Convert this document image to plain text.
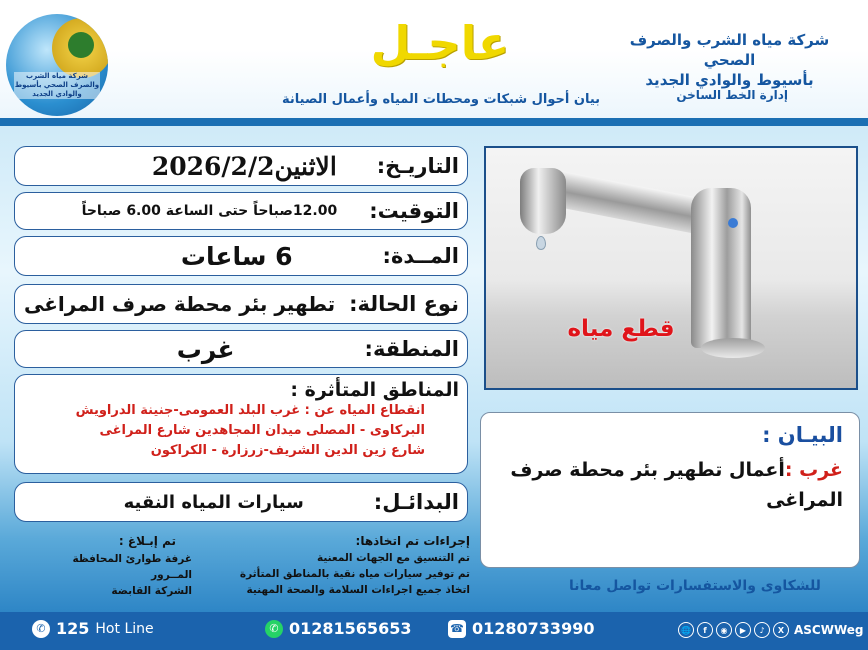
شركة مياه الشرب والصرف الصحي بأسيوط والوادي الجديد
عاجـل
بيان أحوال شبكات ومحطات المياه وأعمال الصيانة
شركة مياه الشرب والصرف الصحي
بأسيوط والوادي الجديد
إدارة الخط الساخن
التاريـخ:
الاثنين2026/2/2
التوقيت:
12.00صباحاً حتى الساعة 6.00 صباحاً
المــدة:
6 ساعات
نوع الحالة:
تطهير بئر محطة صرف المراغى
المنطقة:
غرب
المناطق المتأثرة :
انقطاع المياه عن : غرب البلد العمومى-جنينة الدراويش
البركاوى - المصلى ميدان المجاهدين شارع المراغى
شارع زين الدين الشريف-زرزارة - الكراكون
البدائـل:
سيارات المياه النقيه
قطع مياه
البيـان :
غرب :أعمال تطهير بئر محطة صرف المراغى
للشكاوى والاستفسارات تواصل معانا
إجراءات تم اتخاذها:
تم التنسيق مع الجهات المعنية
تم توفير سيارات مياه نقية بالمناطق المتأثرة
اتخاذ جميع اجراءات السلامة والصحة المهنية
تم إبـلاغ :
غرفة طوارئ المحافظة
المــرور
الشركة القابضة
✆ 125 Hot Line	✆ 01281565653	☎ 01280733990	🌐	f	◉	▶	♪	X ASCWWeg
